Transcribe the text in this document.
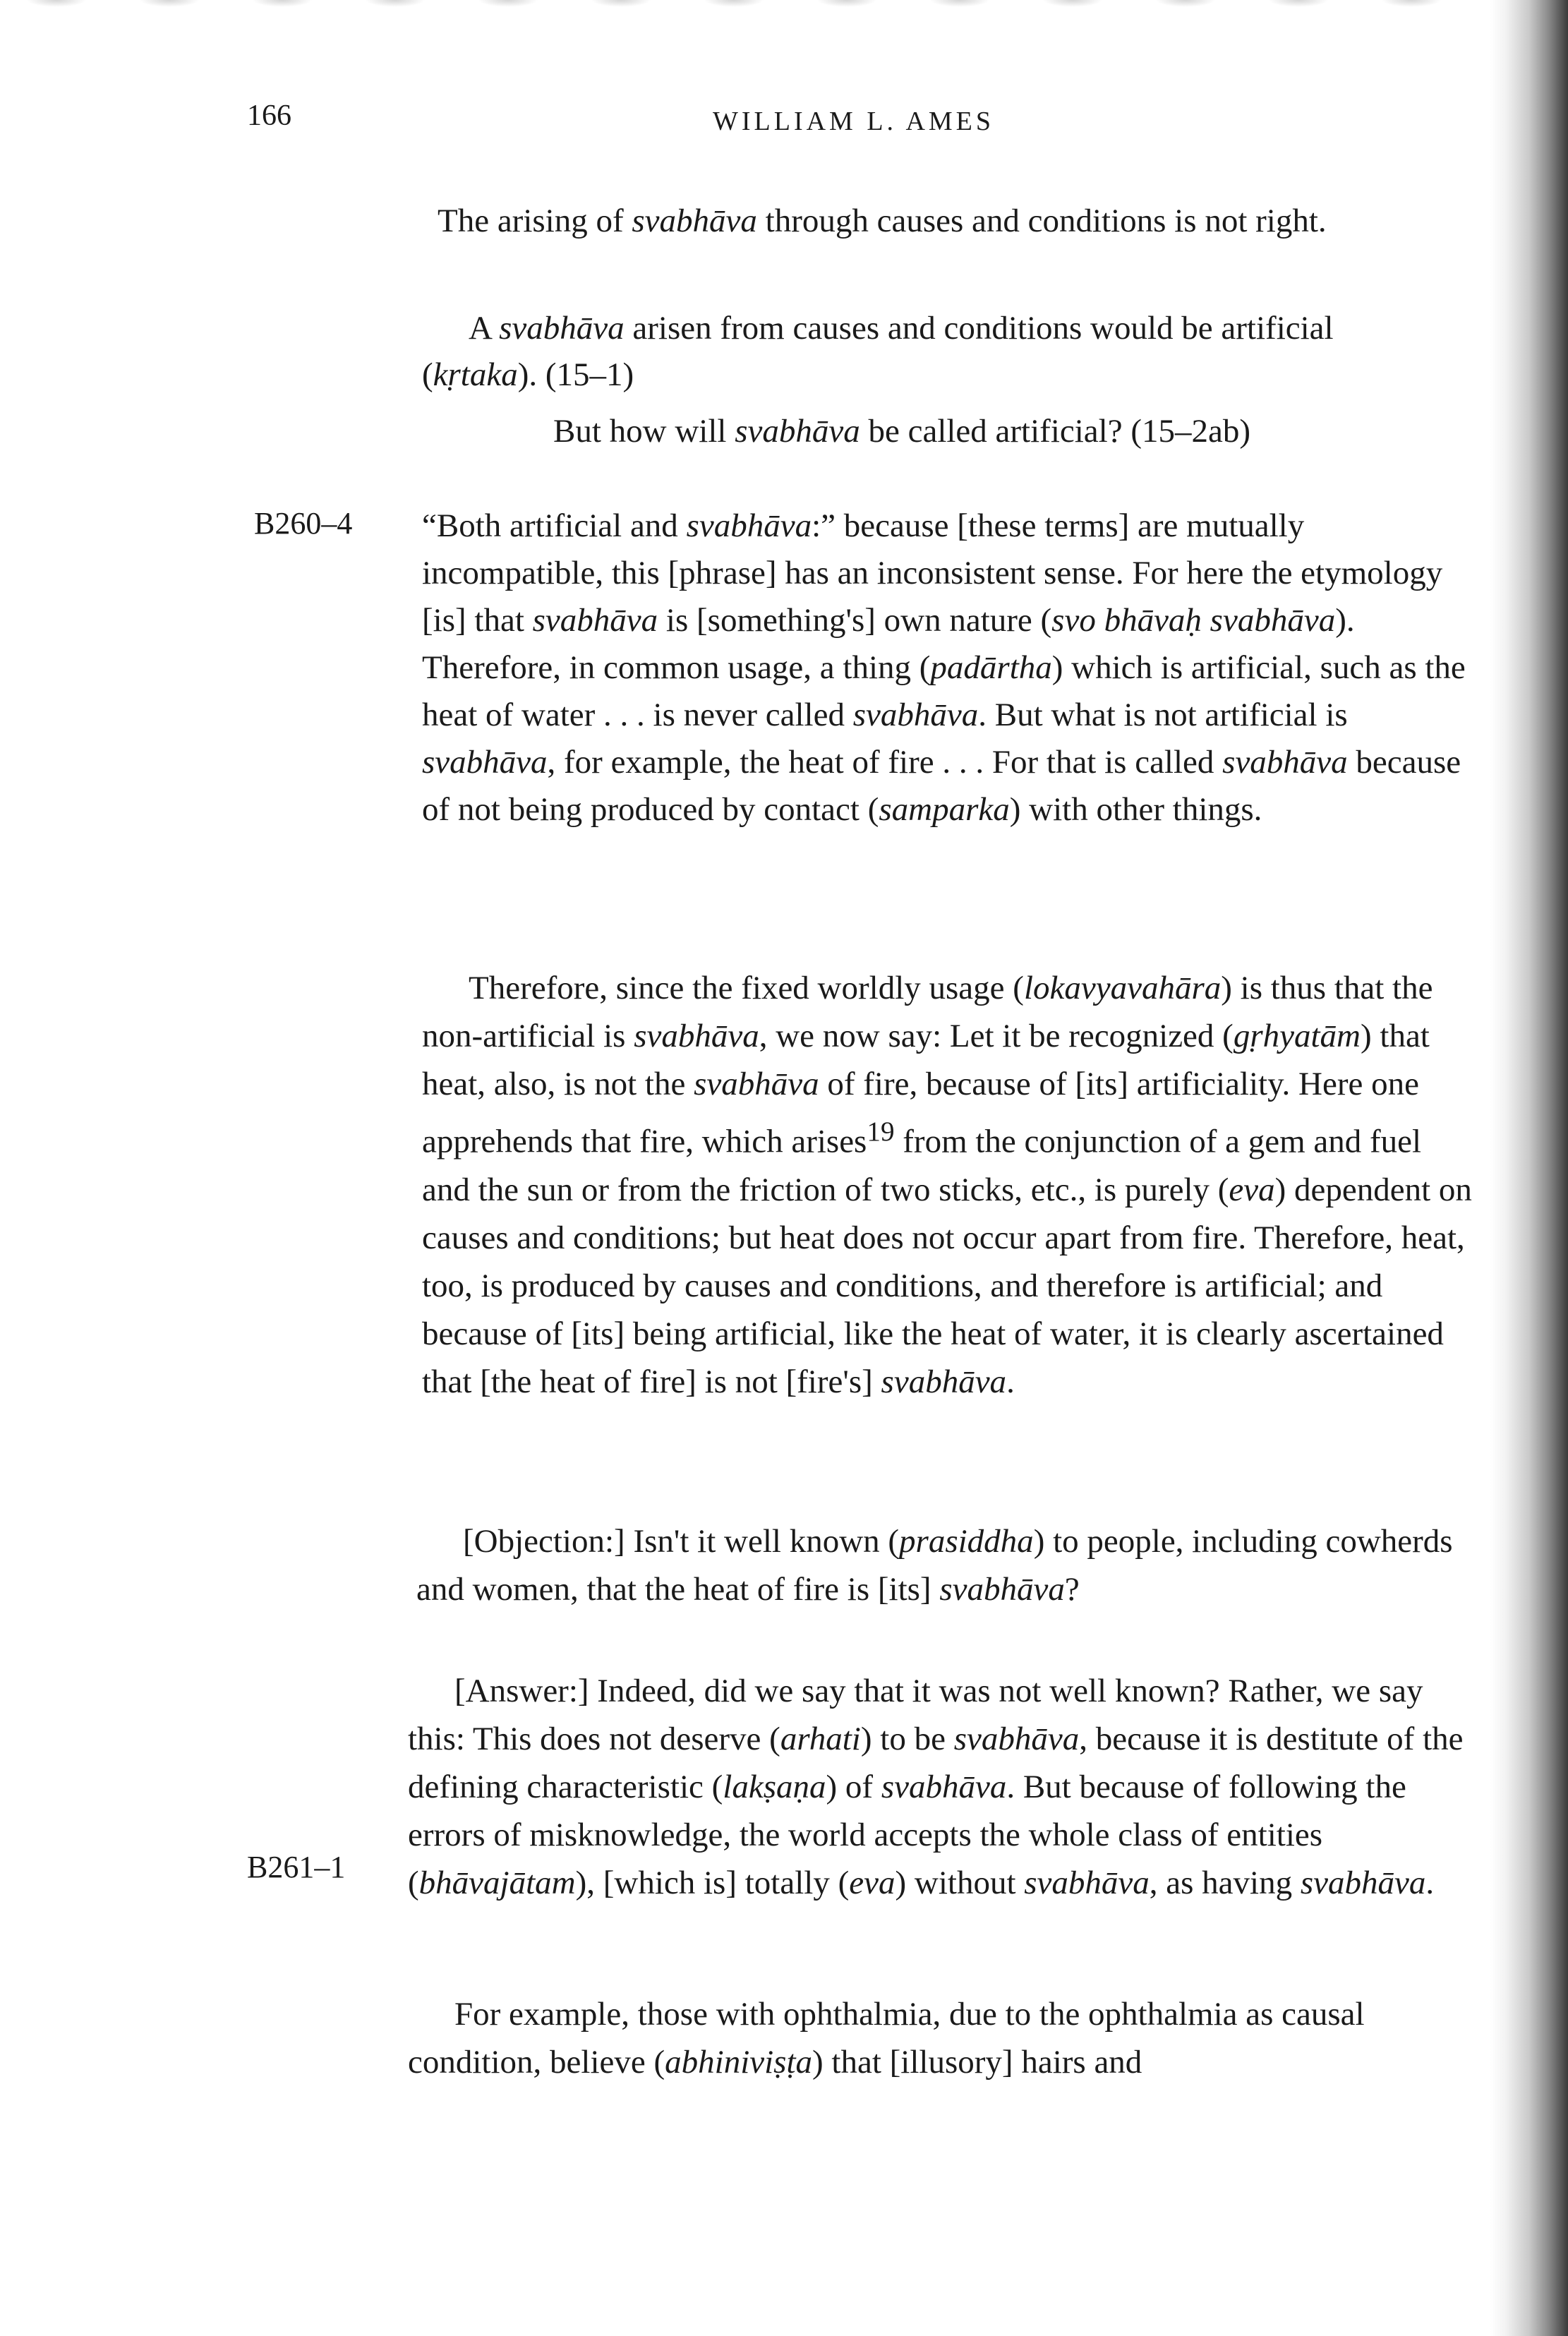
166	WILLIAM L. AMES
The arising of svabhāva through causes and conditions is not right.
A svabhāva arisen from causes and conditions would be artificial (kṛtaka). (15–1)
But how will svabhāva be called artificial? (15–2ab)
B260–4 “Both artificial and svabhāva:” because [these terms] are mutually incompatible, this [phrase] has an inconsistent sense. For here the etymology [is] that svabhāva is [something's] own nature (svo bhāvaḥ svabhāva). Therefore, in common usage, a thing (padārtha) which is artificial, such as the heat of water . . . is never called svabhāva. But what is not artificial is svabhāva, for example, the heat of fire . . . For that is called svabhāva because of not being produced by contact (samparka) with other things.
Therefore, since the fixed worldly usage (lokavyavahāra) is thus that the non-artificial is svabhāva, we now say: Let it be recognized (gṛhyatām) that heat, also, is not the svabhāva of fire, because of [its] artificiality. Here one apprehends that fire, which arises$^{19}$ from the conjunction of a gem and fuel and the sun or from the friction of two sticks, etc., is purely (eva) dependent on causes and conditions; but heat does not occur apart from fire. Therefore, heat, too, is produced by causes and conditions, and therefore is artificial; and because of [its] being artificial, like the heat of water, it is clearly ascertained that [the heat of fire] is not [fire's] svabhāva.
[Objection:] Isn't it well known (prasiddha) to people, including cowherds and women, that the heat of fire is [its] svabhāva?
B261–1
[Answer:] Indeed, did we say that it was not well known? Rather, we say this: This does not deserve (arhati) to be svabhāva, because it is destitute of the defining characteristic (lakṣaṇa) of svabhāva. But because of following the errors of misknowledge, the world accepts the whole class of entities (bhāvajātam), [which is] totally (eva) without svabhāva, as having svabhāva.
For example, those with ophthalmia, due to the ophthalmia as causal condition, believe (abhiniviṣṭa) that [illusory] hairs and
